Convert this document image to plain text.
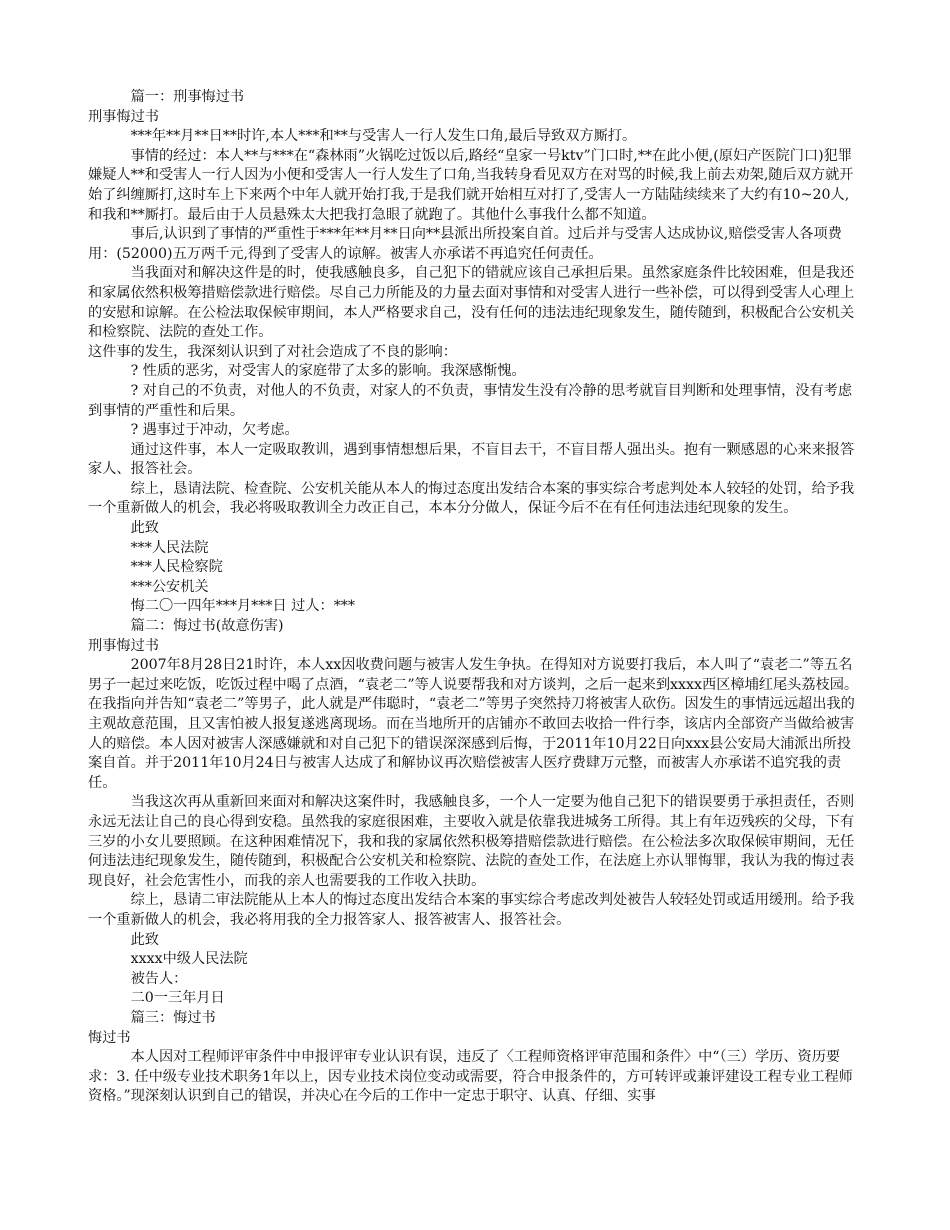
　　　篇一：刑事悔过书

刑事悔过书

　　　***年**月**日**时许,本人***和**与受害人一行人发生口角,最后导致双方厮打。

　　　事情的经过：本人**与***在“森林雨”火锅吃过饭以后,路经“皇家一号ktv”门口时,**在此小便,(原妇产医院门口)犯罪嫌疑人**和受害人一行人因为小便和受害人一行人发生了口角,当我转身看见双方在对骂的时候,我上前去劝架,随后双方就开始了纠缠厮打,这时车上下来两个中年人就开始打我,于是我们就开始相互对打了,受害人一方陆陆续续来了大约有10~20人,和我和**厮打。最后由于人员悬殊太大把我打急眼了就跑了。其他什么事我什么都不知道。

　　　事后,认识到了事情的严重性于***年**月**日向**县派出所投案自首。过后并与受害人达成协议,赔偿受害人各项费用：(52000)五万两千元,得到了受害人的谅解。被害人亦承诺不再追究任何责任。

　　　当我面对和解决这件是的时，使我感触良多，自己犯下的错就应该自己承担后果。虽然家庭条件比较困难，但是我还和家属依然积极筹措赔偿款进行赔偿。尽自己力所能及的力量去面对事情和对受害人进行一些补偿，可以得到受害人心理上的安慰和谅解。在公检法取保候审期间，本人严格要求自己，没有任何的违法违纪现象发生，随传随到，积极配合公安机关和检察院、法院的查处工作。

这件事的发生，我深刻认识到了对社会造成了不良的影响：

　　　? 性质的恶劣，对受害人的家庭带了太多的影响。我深感惭愧。

　　　? 对自己的不负责，对他人的不负责，对家人的不负责，事情发生没有冷静的思考就盲目判断和处理事情，没有考虑到事情的严重性和后果。

　　　? 遇事过于冲动，欠考虑。

　　　通过这件事，本人一定吸取教训，遇到事情想想后果，不盲目去干，不盲目帮人强出头。抱有一颗感恩的心来来报答家人、报答社会。

　　　综上，恳请法院、检查院、公安机关能从本人的悔过态度出发结合本案的事实综合考虑判处本人较轻的处罚，给予我一个重新做人的机会，我必将吸取教训全力改正自己，本本分分做人，保证今后不在有任何违法违纪现象的发生。

　　　此致

　　　***人民法院

　　　***人民检察院

　　　***公安机关

　　　悔二〇一四年***月***日 过人：***

　　　篇二：悔过书(故意伤害)

刑事悔过书

　　　2007年8月28日21时许，本人xx因收费问题与被害人发生争执。在得知对方说要打我后，本人叫了“袁老二”等五名男子一起过来吃饭，吃饭过程中喝了点酒，“袁老二”等人说要帮我和对方谈判，之后一起来到xxxx西区樟埔红尾头荔枝园。在我指向并告知“袁老二”等男子，此人就是严伟聪时，“袁老二”等男子突然持刀将被害人砍伤。因发生的事情远远超出我的主观故意范围，且又害怕被人报复遂逃离现场。而在当地所开的店铺亦不敢回去收拾一件行李，该店内全部资产当做给被害人的赔偿。本人因对被害人深感嫌就和对自己犯下的错误深深感到后悔，于2011年10月22日向xxx县公安局大浦派出所投案自首。并于2011年10月24日与被害人达成了和解协议再次赔偿被害人医疗费肆万元整，而被害人亦承诺不追究我的责任。

　　　当我这次再从重新回来面对和解决这案件时，我感触良多，一个人一定要为他自己犯下的错误要勇于承担责任，否则永远无法让自己的良心得到安稳。虽然我的家庭很困难，主要收入就是依靠我进城务工所得。其上有年迈残疾的父母，下有三岁的小女儿要照顾。在这种困难情况下，我和我的家属依然积极筹措赔偿款进行赔偿。在公检法多次取保候审期间，无任何违法违纪现象发生，随传随到，积极配合公安机关和检察院、法院的查处工作，在法庭上亦认罪悔罪，我认为我的悔过表现良好，社会危害性小，而我的亲人也需要我的工作收入扶助。

　　　综上，恳请二审法院能从上本人的悔过态度出发结合本案的事实综合考虑改判处被告人较轻处罚或适用缓刑。给予我一个重新做人的机会，我必将用我的全力报答家人、报答被害人、报答社会。

　　　此致

　　　xxxx中级人民法院

　　　被告人：

　　　二0一三年月日

　　　篇三：悔过书

悔过书

　　　本人因对工程师评审条件中申报评审专业认识有误，违反了〈工程师资格评审范围和条件〉中“（三）学历、资历要求：3. 任中级专业技术职务1年以上，因专业技术岗位变动或需要，符合申报条件的，方可转评或兼评建设工程专业工程师资格。”现深刻认识到自己的错误，并决心在今后的工作中一定忠于职守、认真、仔细、实事
